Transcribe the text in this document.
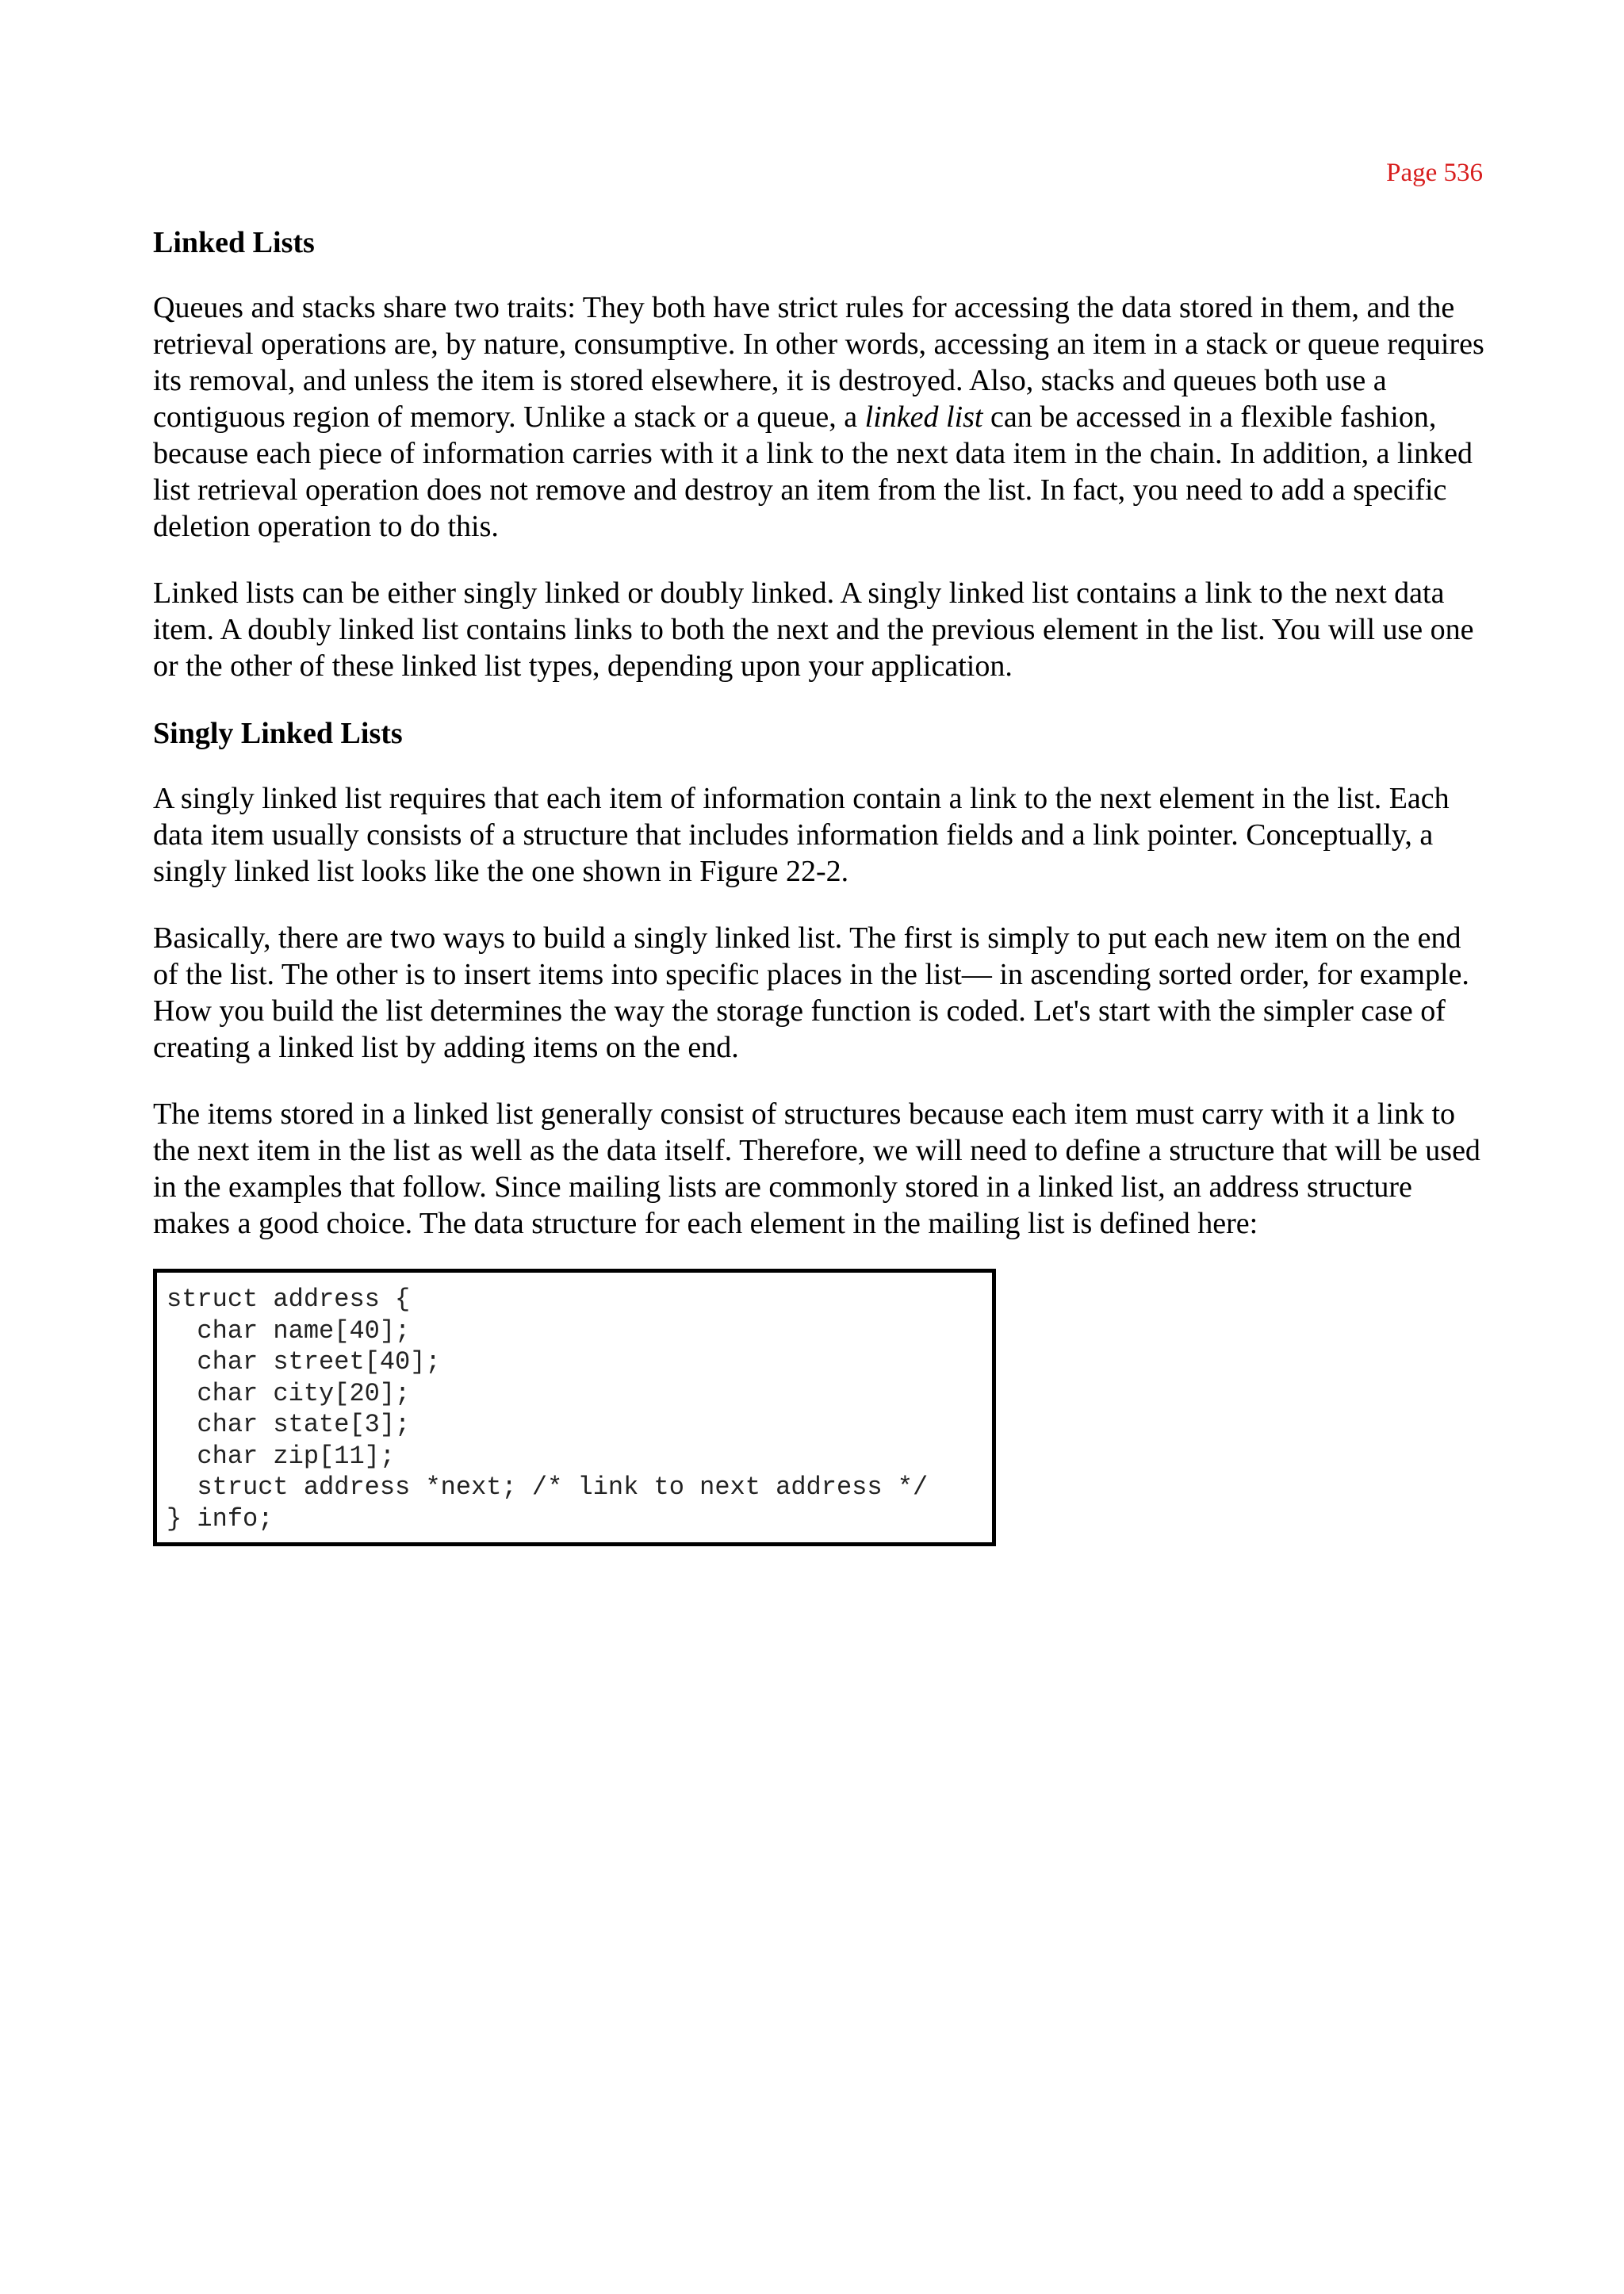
Page 536
Linked Lists

Queues and stacks share two traits: They both have strict rules for accessing the data stored in them, and the retrieval operations are, by nature, consumptive. In other words, accessing an item in a stack or queue requires its removal, and unless the item is stored elsewhere, it is destroyed. Also, stacks and queues both use a contiguous region of memory. Unlike a stack or a queue, a linked list can be accessed in a flexible fashion, because each piece of information carries with it a link to the next data item in the chain. In addition, a linked list retrieval operation does not remove and destroy an item from the list. In fact, you need to add a specific deletion operation to do this.

Linked lists can be either singly linked or doubly linked. A singly linked list contains a link to the next data item. A doubly linked list contains links to both the next and the previous element in the list. You will use one or the other of these linked list types, depending upon your application.

Singly Linked Lists

A singly linked list requires that each item of information contain a link to the next element in the list. Each data item usually consists of a structure that includes information fields and a link pointer. Conceptually, a singly linked list looks like the one shown in Figure 22-2.

Basically, there are two ways to build a singly linked list. The first is simply to put each new item on the end of the list. The other is to insert items into specific places in the list— in ascending sorted order, for example. How you build the list determines the way the storage function is coded. Let's start with the simpler case of creating a linked list by adding items on the end.

The items stored in a linked list generally consist of structures because each item must carry with it a link to the next item in the list as well as the data itself. Therefore, we will need to define a structure that will be used in the examples that follow. Since mailing lists are commonly stored in a linked list, an address structure makes a good choice. The data structure for each element in the mailing list is defined here:

struct address {
char name[40];
char street[40];
char city[20];
char state[3];
char zip[11];
struct address *next; /* link to next address */
} info;
